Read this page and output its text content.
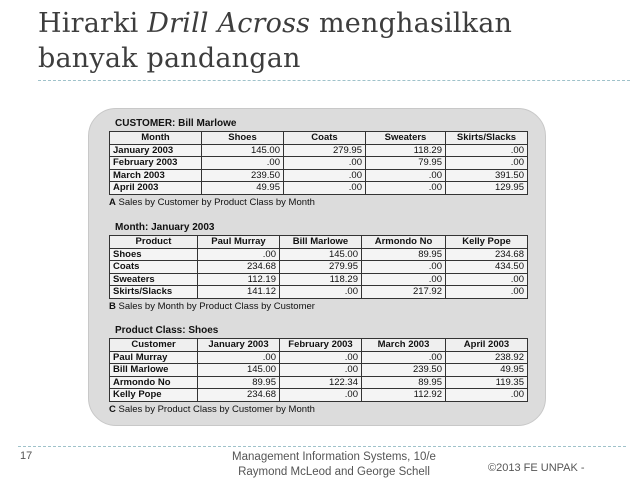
Hirarki Drill Across menghasilkan
banyak pandangan
CUSTOMER: Bill Marlowe
Month	Shoes	Coats	Sweaters	Skirts/Slacks
January 2003	145.00	279.95	118.29	.00
February 2003	.00	.00	79.95	.00
March 2003	239.50	.00	.00	391.50
April 2003	49.95	.00	.00	129.95
A Sales by Customer by Product Class by Month
Month: January 2003
Product	Paul Murray	Bill Marlowe	Armondo No	Kelly Pope
Shoes	.00	145.00	89.95	234.68
Coats	234.68	279.95	.00	434.50
Sweaters	112.19	118.29	.00	.00
Skirts/Slacks	141.12	.00	217.92	.00
B Sales by Month by Product Class by Customer
Product Class: Shoes
Customer	January 2003	February 2003	March 2003	April 2003
Paul Murray	.00	.00	.00	238.92
Bill Marlowe	145.00	.00	239.50	49.95
Armondo No	89.95	122.34	89.95	119.35
Kelly Pope	234.68	.00	112.92	.00
C Sales by Product Class by Customer by Month
17	Management Information Systems, 10/e
Raymond McLeod and George Schell	©2013 FE UNPAK -
